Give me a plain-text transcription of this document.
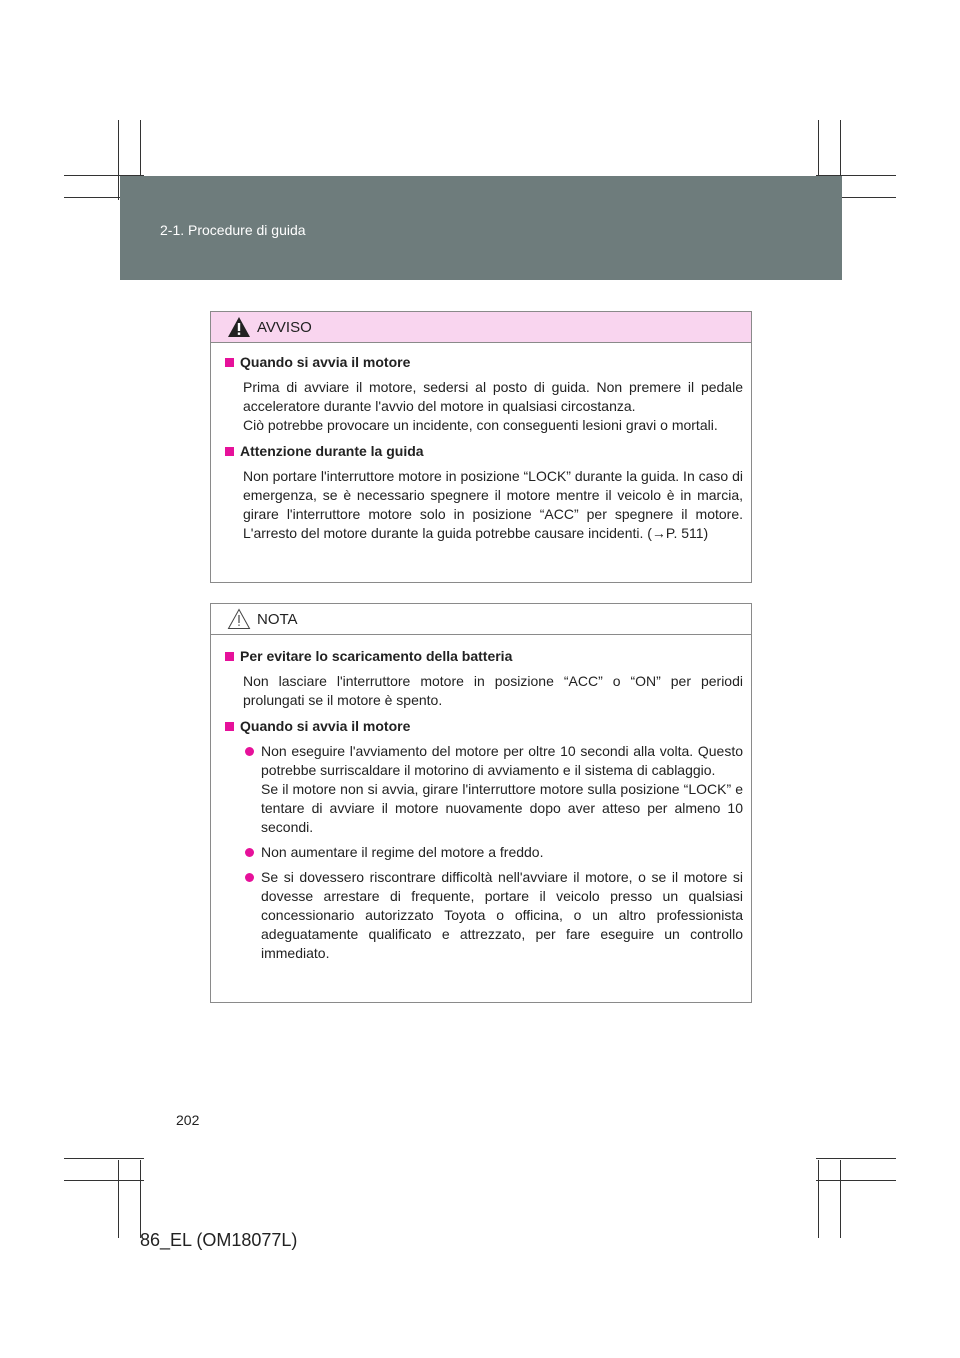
2-1. Procedure di guida
AVVISO
Quando si avvia il motore
Prima di avviare il motore, sedersi al posto di guida. Non premere il pedale acceleratore durante l'avvio del motore in qualsiasi circostanza.
Ciò potrebbe provocare un incidente, con conseguenti lesioni gravi o mortali.
Attenzione durante la guida
Non portare l'interruttore motore in posizione “LOCK” durante la guida. In caso di emergenza, se è necessario spegnere il motore mentre il veicolo è in marcia, girare l'interruttore motore solo in posizione “ACC” per spegnere il motore. L'arresto del motore durante la guida potrebbe causare incidenti. (→P. 511)
NOTA
Per evitare lo scaricamento della batteria
Non lasciare l'interruttore motore in posizione “ACC” o “ON” per periodi prolungati se il motore è spento.
Quando si avvia il motore
Non eseguire l'avviamento del motore per oltre 10 secondi alla volta. Questo potrebbe surriscaldare il motorino di avviamento e il sistema di cablaggio.
Se il motore non si avvia, girare l'interruttore motore sulla posizione “LOCK” e tentare di avviare il motore nuovamente dopo aver atteso per almeno 10 secondi.
Non aumentare il regime del motore a freddo.
Se si dovessero riscontrare difficoltà nell'avviare il motore, o se il motore si dovesse arrestare di frequente, portare il veicolo presso un qualsiasi concessionario autorizzato Toyota o officina, o un altro professionista adeguatamente qualificato e attrezzato, per fare eseguire un controllo immediato.
202
86_EL (OM18077L)
